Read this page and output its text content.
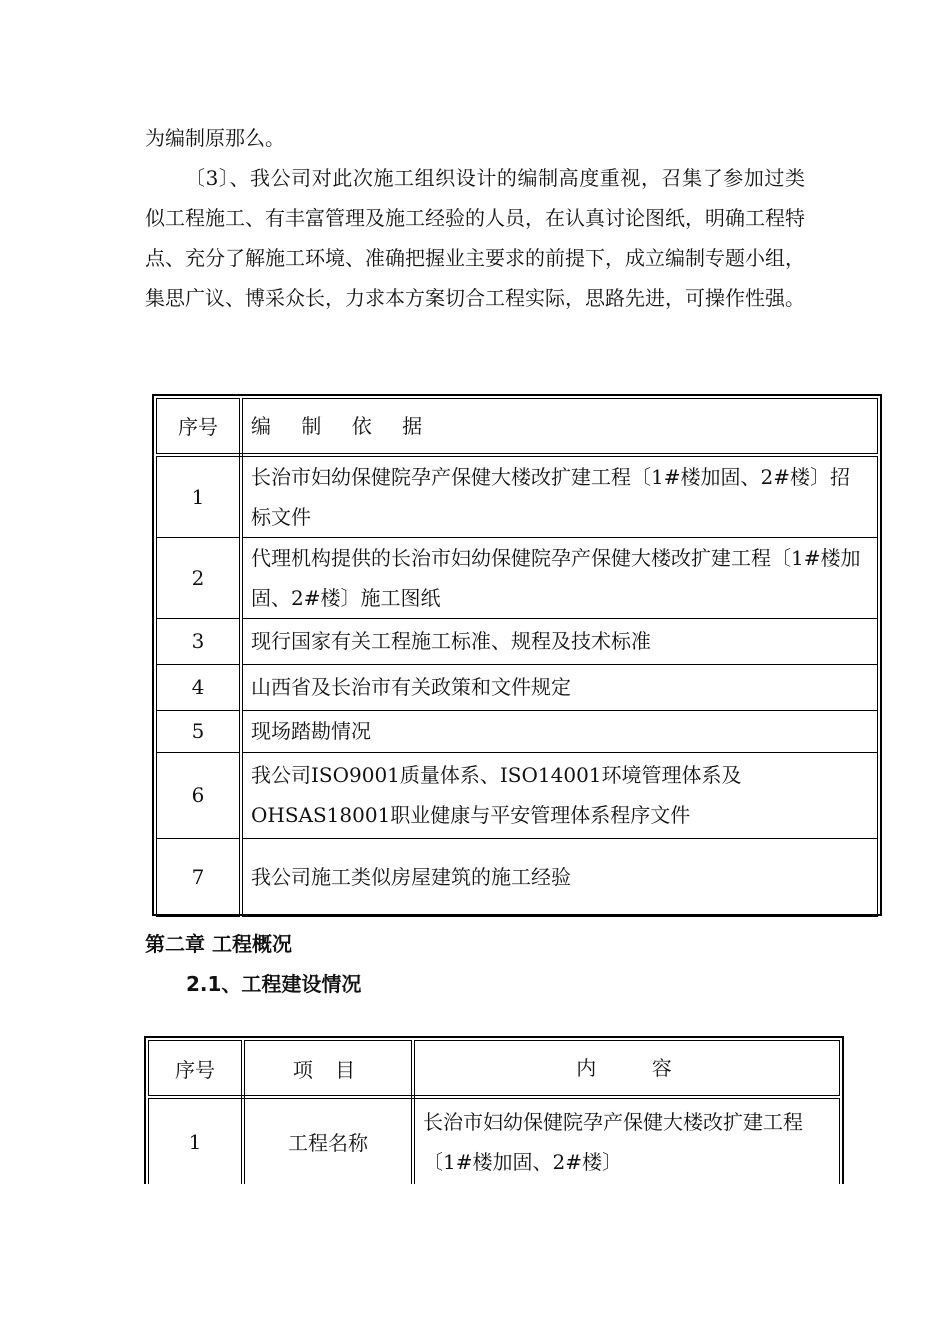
为编制原那么。

〔3〕、我公司对此次施工组织设计的编制高度重视，召集了参加过类似工程施工、有丰富管理及施工经验的人员，在认真讨论图纸，明确工程特点、充分了解施工环境、准确把握业主要求的前提下，成立编制专题小组，集思广议、博采众长，力求本方案切合工程实际，思路先进，可操作性强。

序号	编 制 依 据
1	长治市妇幼保健院孕产保健大楼改扩建工程〔1#楼加固、2#楼〕招标文件
2	代理机构提供的长治市妇幼保健院孕产保健大楼改扩建工程〔1#楼加固、2#楼〕施工图纸
3	现行国家有关工程施工标准、规程及技术标准
4	山西省及长治市有关政策和文件规定
5	现场踏勘情况
6	我公司ISO9001质量体系、ISO14001环境管理体系及OHSAS18001职业健康与平安管理体系程序文件
7	我公司施工类似房屋建筑的施工经验
第二章 工程概况
2.1、工程建设情况
序号	项 目	内    容
1	工程名称	长治市妇幼保健院孕产保健大楼改扩建工程〔1#楼加固、2#楼〕
